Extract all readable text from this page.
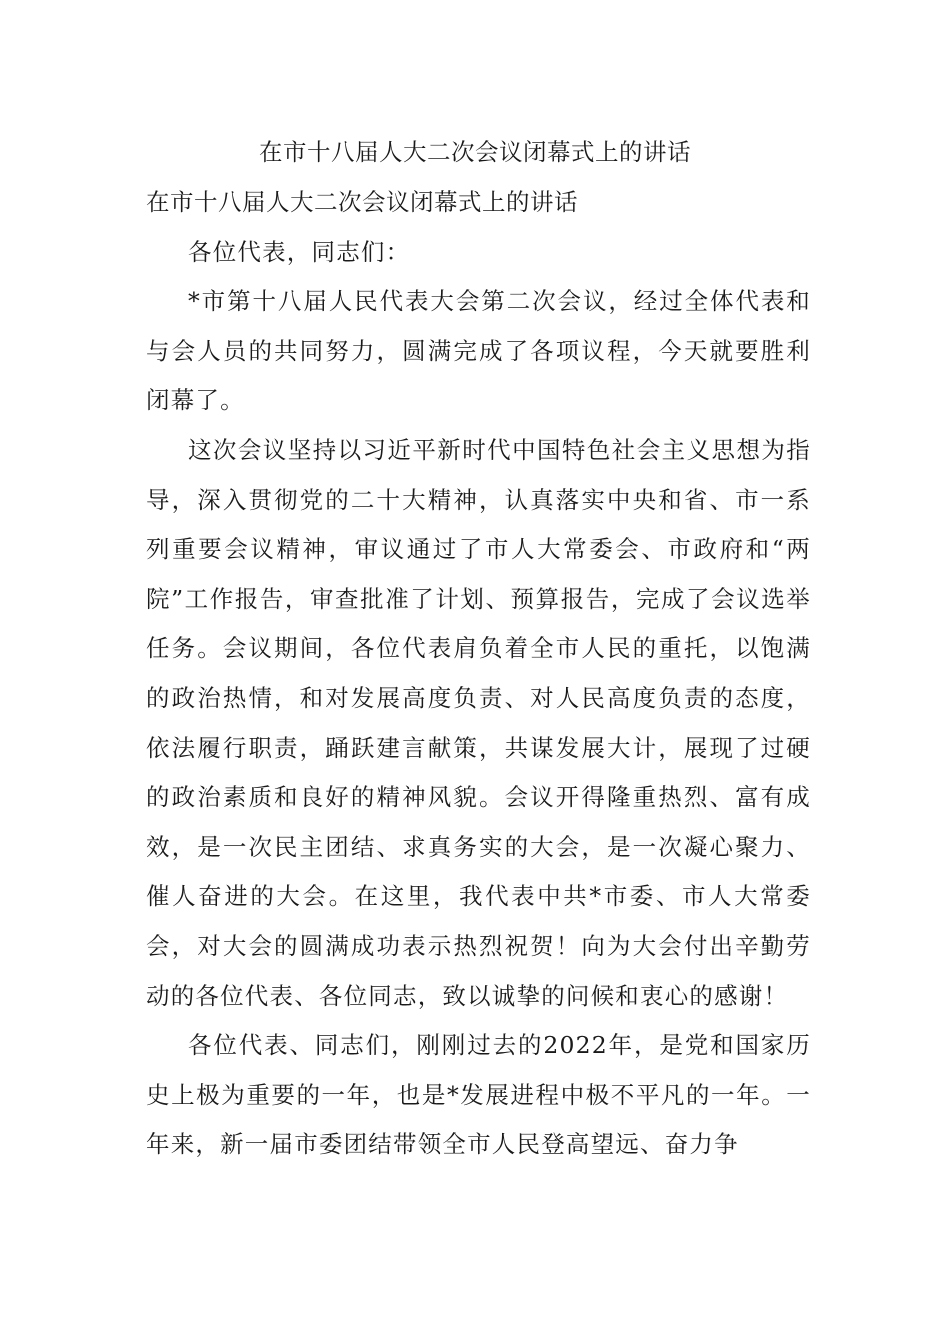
在市十八届人大二次会议闭幕式上的讲话

在市十八届人大二次会议闭幕式上的讲话

各位代表，同志们：

*市第十八届人民代表大会第二次会议，经过全体代表和与会人员的共同努力，圆满完成了各项议程，今天就要胜利闭幕了。

这次会议坚持以习近平新时代中国特色社会主义思想为指导，深入贯彻党的二十大精神，认真落实中央和省、市一系列重要会议精神，审议通过了市人大常委会、市政府和“两院”工作报告，审查批准了计划、预算报告，完成了会议选举任务。会议期间，各位代表肩负着全市人民的重托，以饱满的政治热情，和对发展高度负责、对人民高度负责的态度，依法履行职责，踊跃建言献策，共谋发展大计，展现了过硬的政治素质和良好的精神风貌。会议开得隆重热烈、富有成效，是一次民主团结、求真务实的大会，是一次凝心聚力、催人奋进的大会。在这里，我代表中共*市委、市人大常委会，对大会的圆满成功表示热烈祝贺！向为大会付出辛勤劳动的各位代表、各位同志，致以诚挚的问候和衷心的感谢！

各位代表、同志们，刚刚过去的2022年，是党和国家历史上极为重要的一年，也是*发展进程中极不平凡的一年。一年来，新一届市委团结带领全市人民登高望远、奋力争
